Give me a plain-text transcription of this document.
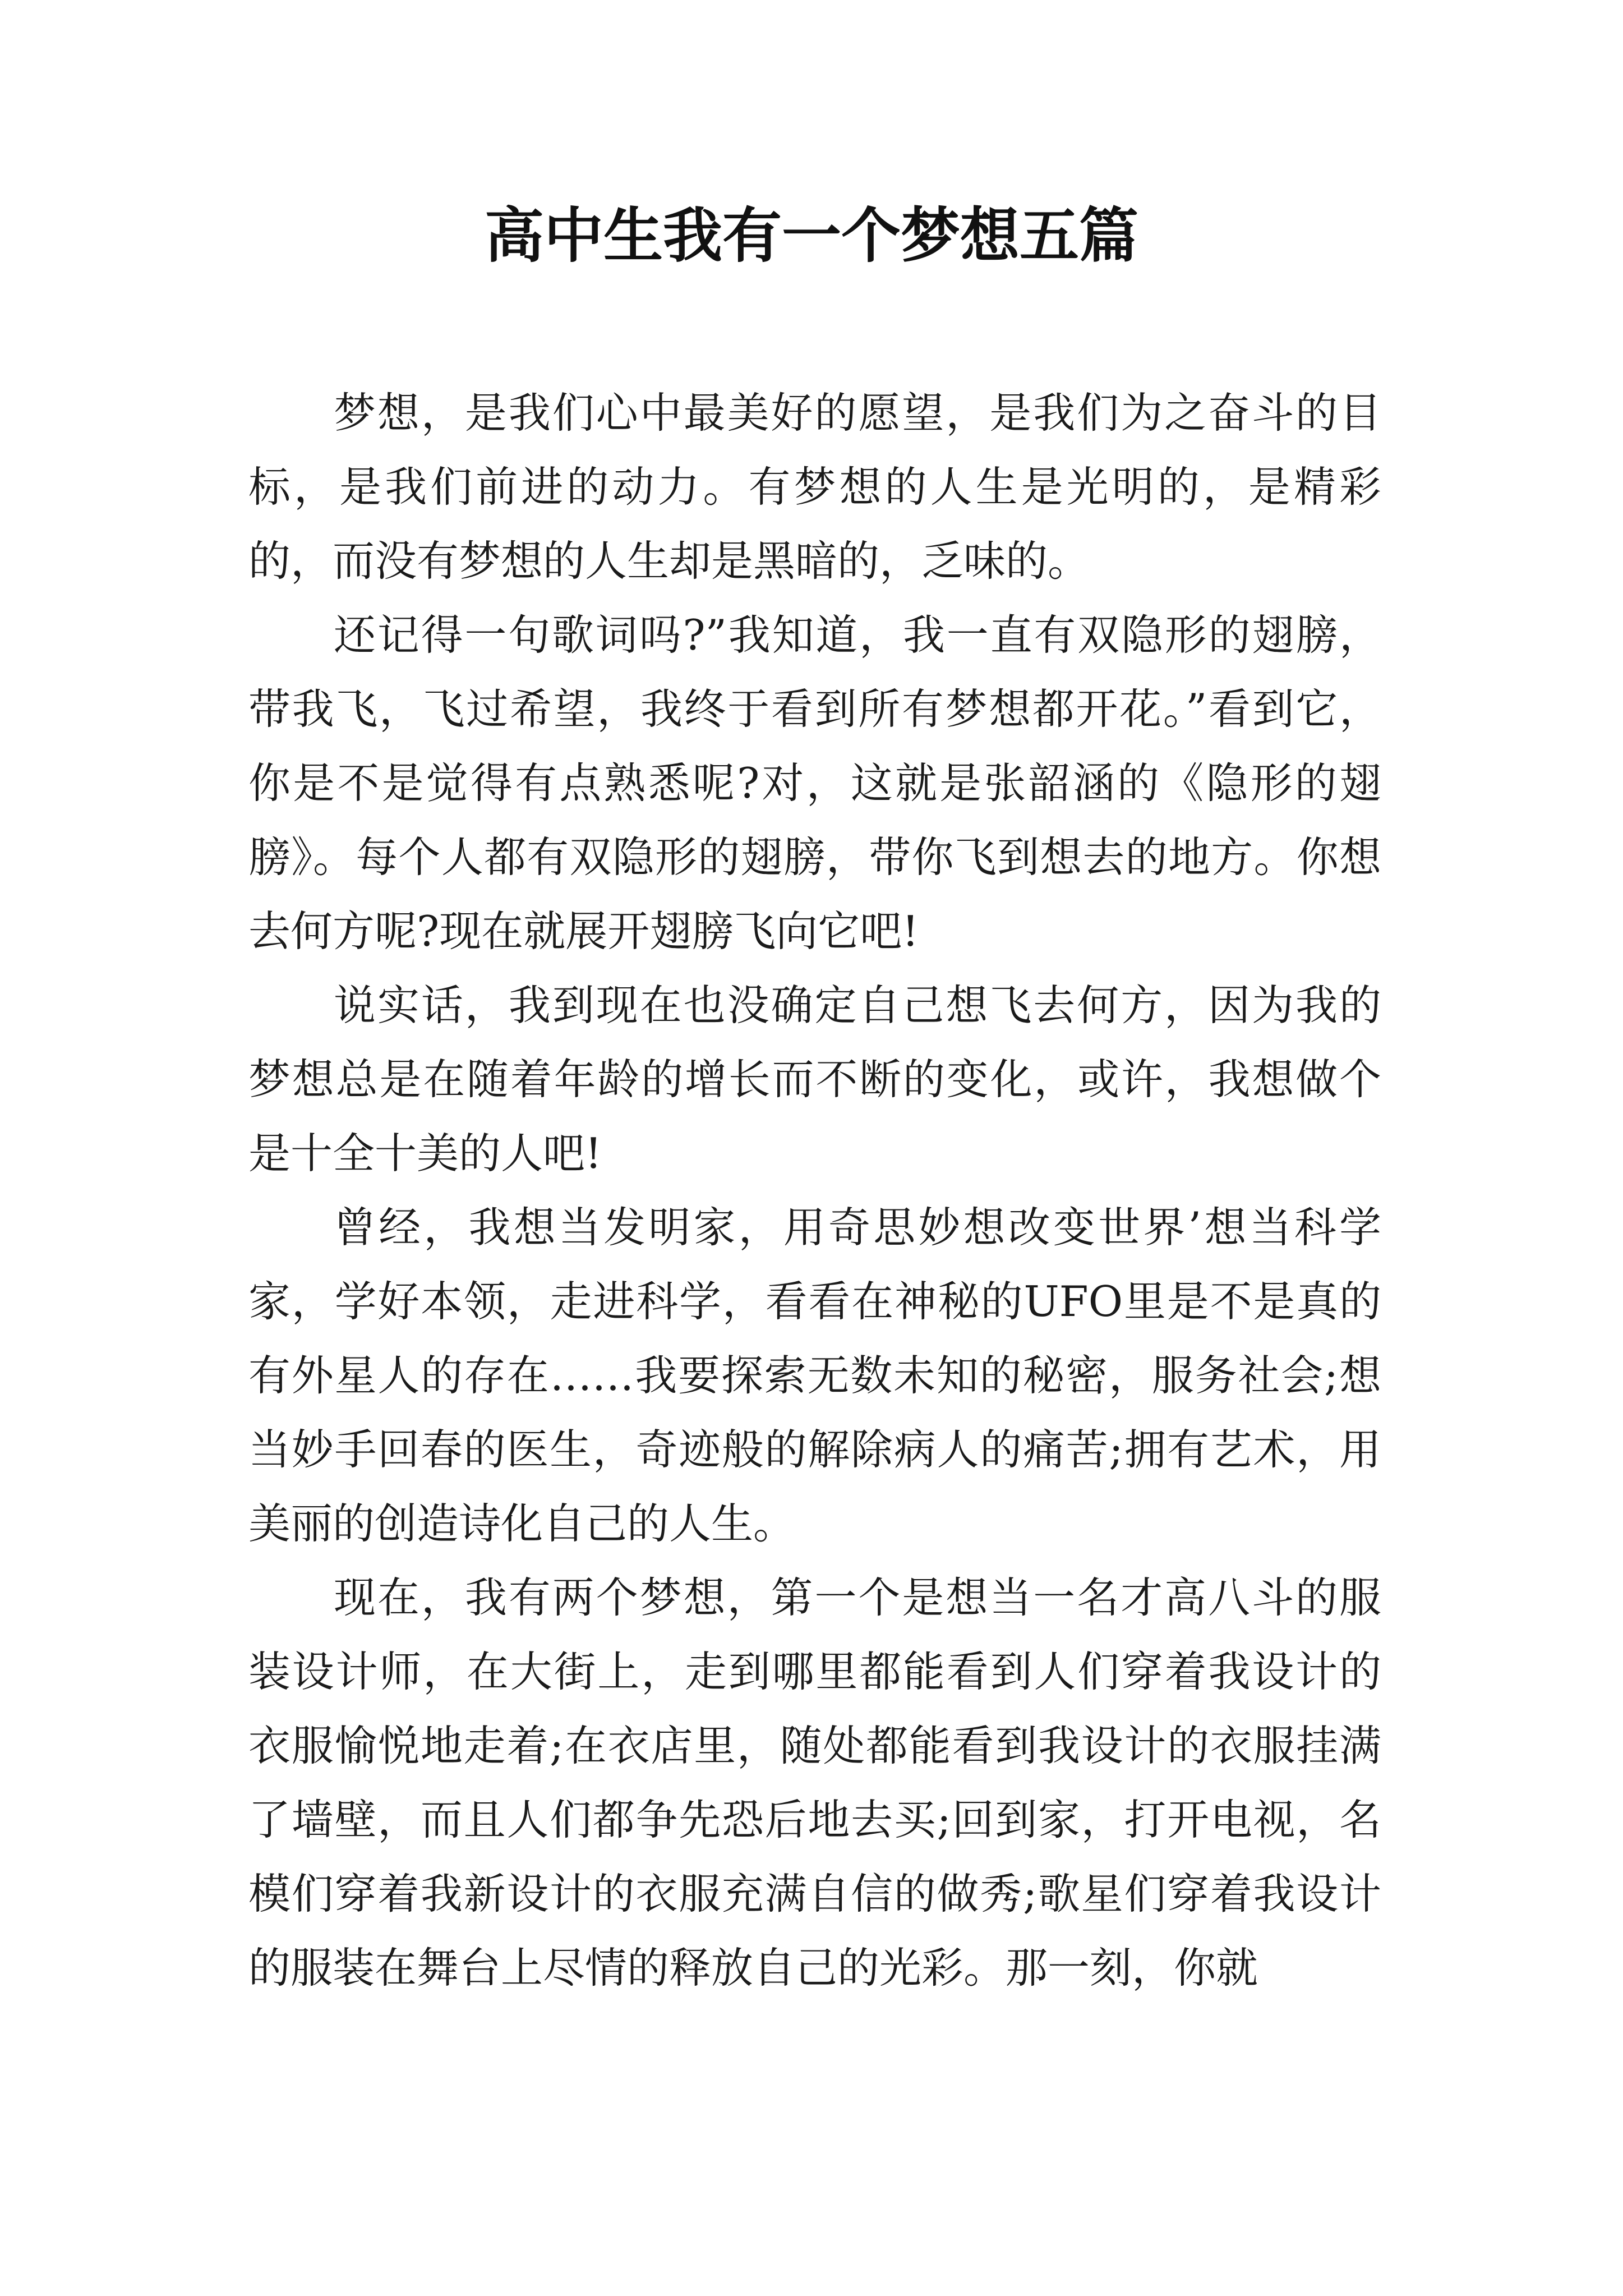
高中生我有一个梦想五篇

梦想，是我们心中最美好的愿望，是我们为之奋斗的目标，是我们前进的动力。有梦想的人生是光明的，是精彩的，而没有梦想的人生却是黑暗的，乏味的。

还记得一句歌词吗?”我知道，我一直有双隐形的翅膀，带我飞，飞过希望，我终于看到所有梦想都开花。”看到它，你是不是觉得有点熟悉呢?对，这就是张韶涵的《隐形的翅膀》。每个人都有双隐形的翅膀，带你飞到想去的地方。你想去何方呢?现在就展开翅膀飞向它吧!

说实话，我到现在也没确定自己想飞去何方，因为我的梦想总是在随着年龄的增长而不断的变化，或许，我想做个是十全十美的人吧!

曾经，我想当发明家，用奇思妙想改变世界’想当科学家，学好本领，走进科学，看看在神秘的UFO里是不是真的有外星人的存在……我要探索无数未知的秘密，服务社会;想当妙手回春的医生，奇迹般的解除病人的痛苦;拥有艺术，用美丽的创造诗化自己的人生。

现在，我有两个梦想，第一个是想当一名才高八斗的服装设计师，在大街上，走到哪里都能看到人们穿着我设计的衣服愉悦地走着;在衣店里，随处都能看到我设计的衣服挂满了墙壁，而且人们都争先恐后地去买;回到家，打开电视，名模们穿着我新设计的衣服充满自信的做秀;歌星们穿着我设计的服装在舞台上尽情的释放自己的光彩。那一刻，你就
